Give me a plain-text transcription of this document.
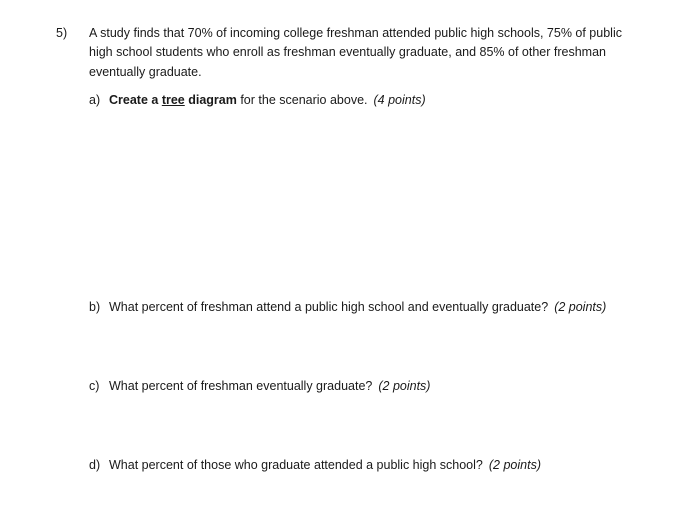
5) A study finds that 70% of incoming college freshman attended public high schools, 75% of public
high school students who enroll as freshman eventually graduate, and 85% of other freshman
eventually graduate.
a) Create a tree diagram for the scenario above. (4 points)
b) What percent of freshman attend a public high school and eventually graduate? (2 points)
c) What percent of freshman eventually graduate? (2 points)
d) What percent of those who graduate attended a public high school? (2 points)
